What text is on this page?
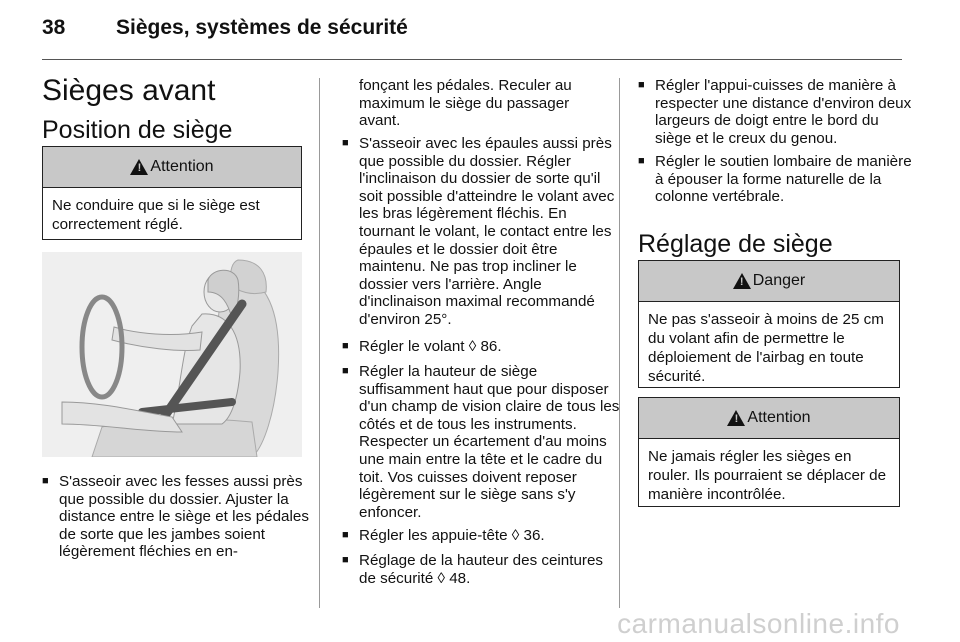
38 Sièges, systèmes de sécurité
Sièges avant
Position de siège
!
Attention
Ne conduire que si le siège est correctement réglé.
■ S'asseoir avec les fesses aussi près que possible du dossier. Ajuster la distance entre le siège et les pédales de sorte que les jambes soient légèrement fléchies en en-
fonçant les pédales. Reculer au maximum le siège du passager avant.
■ S'asseoir avec les épaules aussi près que possible du dossier. Régler l'inclinaison du dossier de sorte qu'il soit possible d'atteindre le volant avec les bras légèrement fléchis. En tournant le volant, le contact entre les épaules et le dossier doit être maintenu. Ne pas trop incliner le dossier vers l'arrière. Angle d'inclinaison maximal recommandé d'environ 25°.
■ Régler le volant ◊ 86.
■ Régler la hauteur de siège suffisamment haut que pour disposer d'un champ de vision claire de tous les côtés et de tous les instruments. Respecter un écartement d'au moins une main entre la tête et le cadre du toit. Vos cuisses doivent reposer légèrement sur le siège sans s'y enfoncer.
■ Régler les appuie-tête ◊ 36.
■ Réglage de la hauteur des ceintures de sécurité ◊ 48.
■ Régler l'appui-cuisses de manière à respecter une distance d'environ deux largeurs de doigt entre le bord du siège et le creux du genou.
■ Régler le soutien lombaire de manière à épouser la forme naturelle de la colonne vertébrale.
Réglage de siège
!
Danger
Ne pas s'asseoir à moins de 25 cm du volant afin de permettre le déploiement de l'airbag en toute sécurité.
!
Attention
Ne jamais régler les sièges en rouler. Ils pourraient se déplacer de manière incontrôlée.
carmanualsonline.info
